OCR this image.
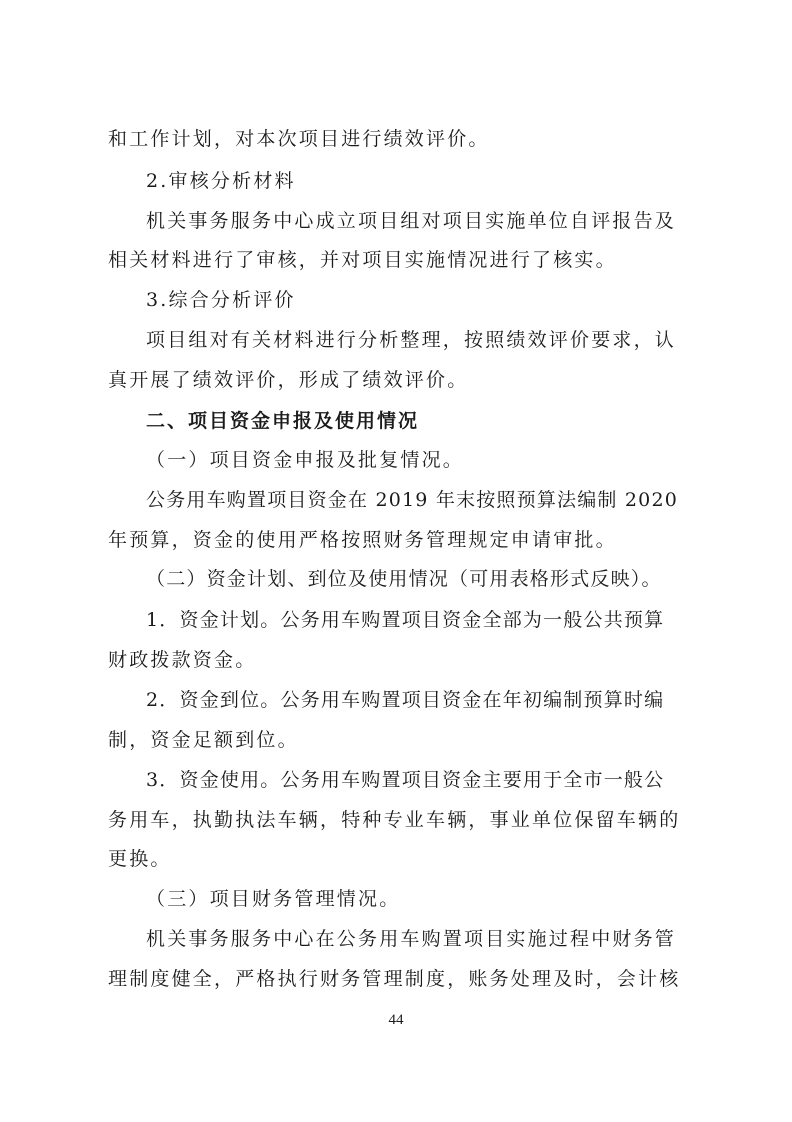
和工作计划，对本次项目进行绩效评价。
2.审核分析材料
机关事务服务中心成立项目组对项目实施单位自评报告及
相关材料进行了审核，并对项目实施情况进行了核实。
3.综合分析评价
项目组对有关材料进行分析整理，按照绩效评价要求，认
真开展了绩效评价，形成了绩效评价。
二、项目资金申报及使用情况
（一）项目资金申报及批复情况。
公务用车购置项目资金在 2019 年末按照预算法编制 2020
年预算，资金的使用严格按照财务管理规定申请审批。
（二）资金计划、到位及使用情况（可用表格形式反映）。
1．资金计划。公务用车购置项目资金全部为一般公共预算
财政拨款资金。
2．资金到位。公务用车购置项目资金在年初编制预算时编
制，资金足额到位。
3．资金使用。公务用车购置项目资金主要用于全市一般公
务用车，执勤执法车辆，特种专业车辆，事业单位保留车辆的
更换。
（三）项目财务管理情况。
机关事务服务中心在公务用车购置项目实施过程中财务管
理制度健全，严格执行财务管理制度，账务处理及时，会计核
44
